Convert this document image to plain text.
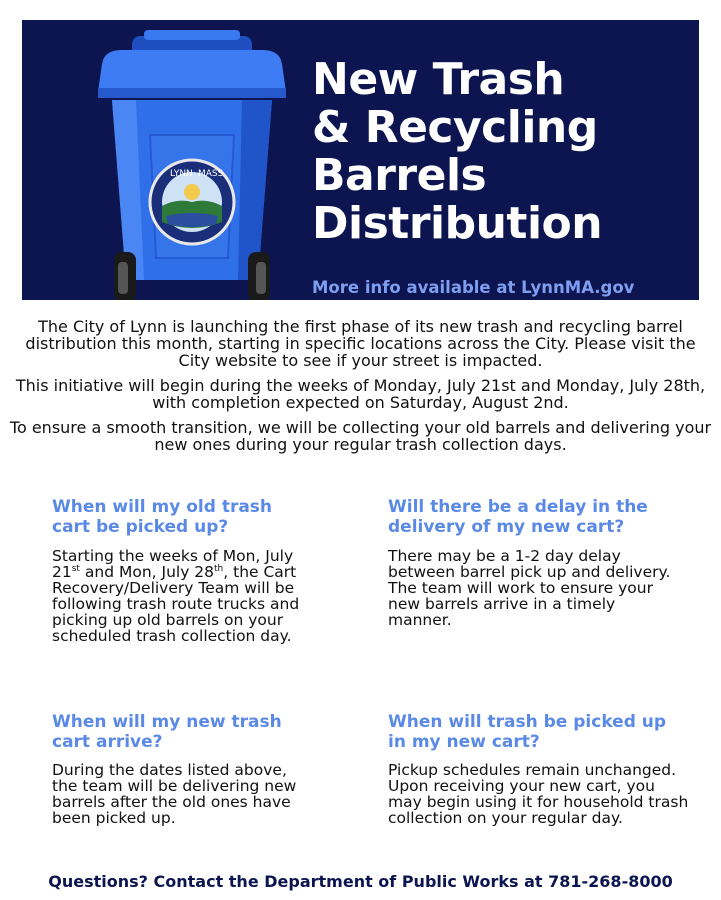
LYNN MASS
New Trash
& Recycling
Barrels
Distribution
More info available at LynnMA.gov

The City of Lynn is launching the first phase of its new trash and recycling barrel distribution this month, starting in specific locations across the City. Please visit the City website to see if your street is impacted.

This initiative will begin during the weeks of Monday, July 21st and Monday, July 28th, with completion expected on Saturday, August 2nd.

To ensure a smooth transition, we will be collecting your old barrels and delivering your new ones during your regular trash collection days.

When will my old trash cart be picked up?
Starting the weeks of Mon, July 21st and Mon, July 28th, the Cart Recovery/Delivery Team will be following trash route trucks and picking up old barrels on your scheduled trash collection day.
Will there be a delay in the delivery of my new cart?
There may be a 1-2 day delay between barrel pick up and delivery. The team will work to ensure your new barrels arrive in a timely manner.
When will my new trash cart arrive?
During the dates listed above, the team will be delivering new barrels after the old ones have been picked up.
When will trash be picked up in my new cart?
Pickup schedules remain unchanged. Upon receiving your new cart, you may begin using it for household trash collection on your regular day.
Questions? Contact the Department of Public Works at 781-268-8000
